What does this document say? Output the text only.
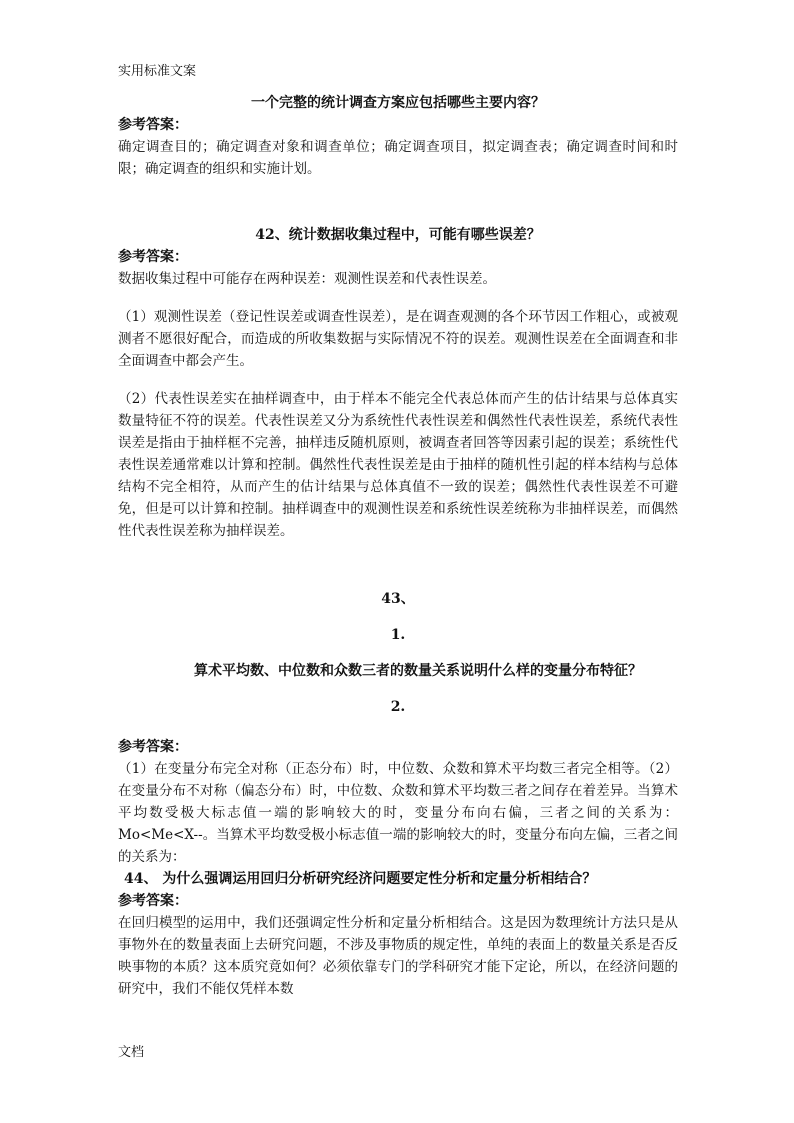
实用标准文案

一个完整的统计调查方案应包括哪些主要内容？

参考答案：

确定调查目的；确定调查对象和调查单位；确定调查项目，拟定调查表；确定调查时间和时限；确定调查的组织和实施计划。

42、统计数据收集过程中，可能有哪些误差？

参考答案：

数据收集过程中可能存在两种误差：观测性误差和代表性误差。

（1）观测性误差（登记性误差或调查性误差），是在调查观测的各个环节因工作粗心，或被观测者不愿很好配合，而造成的所收集数据与实际情况不符的误差。观测性误差在全面调查和非全面调查中都会产生。

（2）代表性误差实在抽样调查中，由于样本不能完全代表总体而产生的估计结果与总体真实数量特征不符的误差。代表性误差又分为系统性代表性误差和偶然性代表性误差，系统代表性误差是指由于抽样框不完善，抽样违反随机原则，被调查者回答等因素引起的误差；系统性代表性误差通常难以计算和控制。偶然性代表性误差是由于抽样的随机性引起的样本结构与总体结构不完全相符，从而产生的估计结果与总体真值不一致的误差；偶然性代表性误差不可避免，但是可以计算和控制。抽样调查中的观测性误差和系统性误差统称为非抽样误差，而偶然性代表性误差称为抽样误差。

43、

1.

算术平均数、中位数和众数三者的数量关系说明什么样的变量分布特征？

2.

参考答案：

（1）在变量分布完全对称（正态分布）时，中位数、众数和算术平均数三者完全相等。（2）在变量分布不对称（偏态分布）时，中位数、众数和算术平均数三者之间存在着差异。当算术平均数受极大标志值一端的影响较大的时，变量分布向右偏，三者之间的关系为：Mo<Me<X--。当算术平均数受极小标志值一端的影响较大的时，变量分布向左偏，三者之间的关系为：

44、 为什么强调运用回归分析研究经济问题要定性分析和定量分析相结合？

参考答案：

在回归模型的运用中，我们还强调定性分析和定量分析相结合。这是因为数理统计方法只是从事物外在的数量表面上去研究问题，不涉及事物质的规定性，单纯的表面上的数量关系是否反映事物的本质？这本质究竟如何？必须依靠专门的学科研究才能下定论，所以，在经济问题的研究中，我们不能仅凭样本数

文档
